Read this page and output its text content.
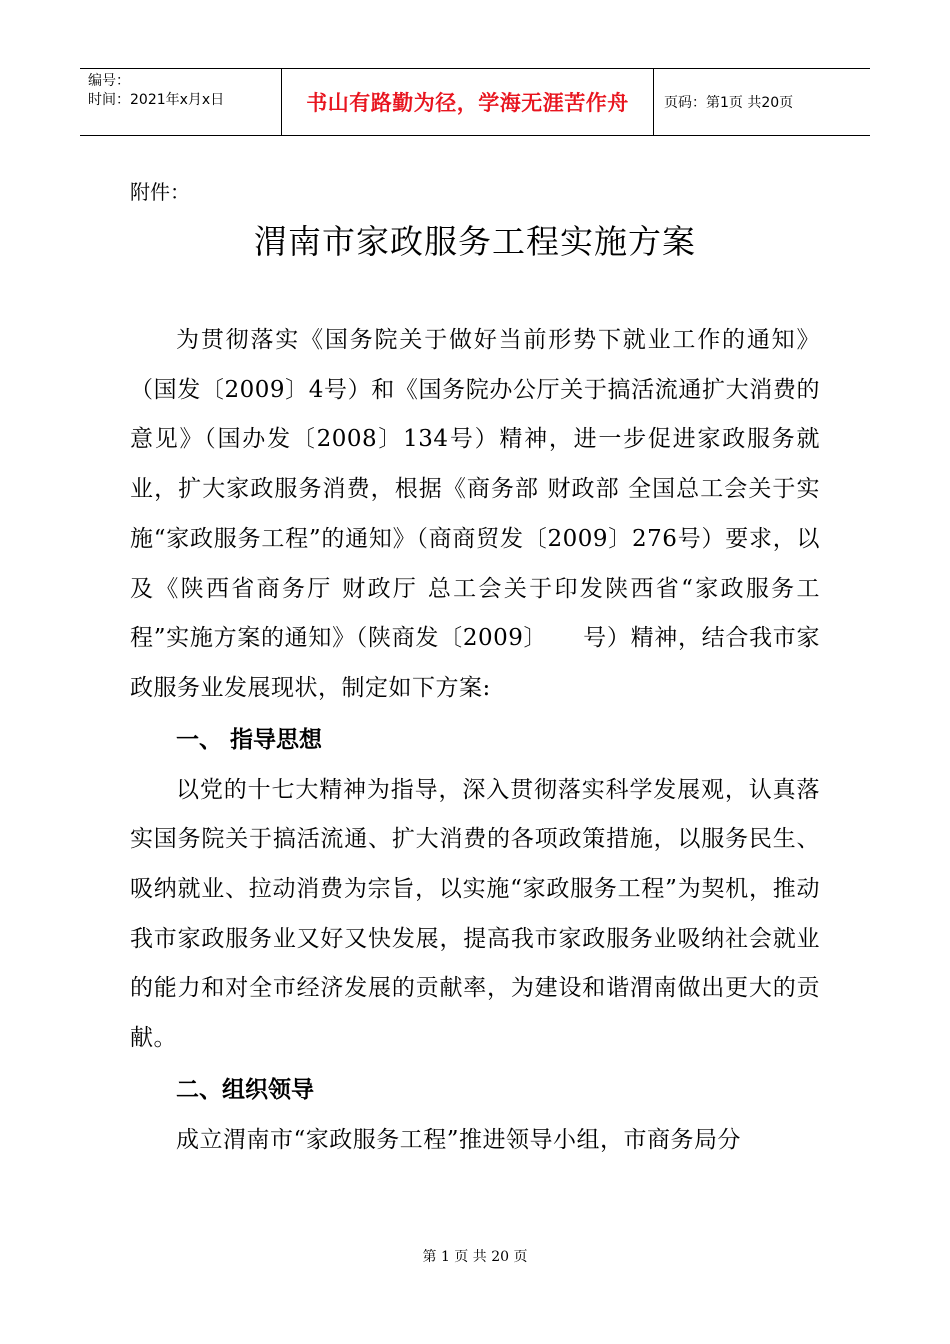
编号：
时间：2021年x月x日	书山有路勤为径，学海无涯苦作舟	页码：第1页 共20页
附件：
渭南市家政服务工程实施方案

为贯彻落实《国务院关于做好当前形势下就业工作的通知》（国发〔2009〕4号）和《国务院办公厅关于搞活流通扩大消费的意见》（国办发〔2008〕134号）精神，进一步促进家政服务就业，扩大家政服务消费，根据《商务部 财政部 全国总工会关于实施“家政服务工程”的通知》（商商贸发〔2009〕276号）要求，以及《陕西省商务厅 财政厅 总工会关于印发陕西省“家政服务工程”实施方案的通知》（陕商发〔2009〕　　号）精神，结合我市家政服务业发展现状，制定如下方案:

一、 指导思想

以党的十七大精神为指导，深入贯彻落实科学发展观，认真落实国务院关于搞活流通、扩大消费的各项政策措施，以服务民生、吸纳就业、拉动消费为宗旨，以实施“家政服务工程”为契机，推动我市家政服务业又好又快发展，提高我市家政服务业吸纳社会就业的能力和对全市经济发展的贡献率，为建设和谐渭南做出更大的贡献。

二、组织领导

成立渭南市“家政服务工程”推进领导小组，市商务局分

第 1 页 共 20 页
